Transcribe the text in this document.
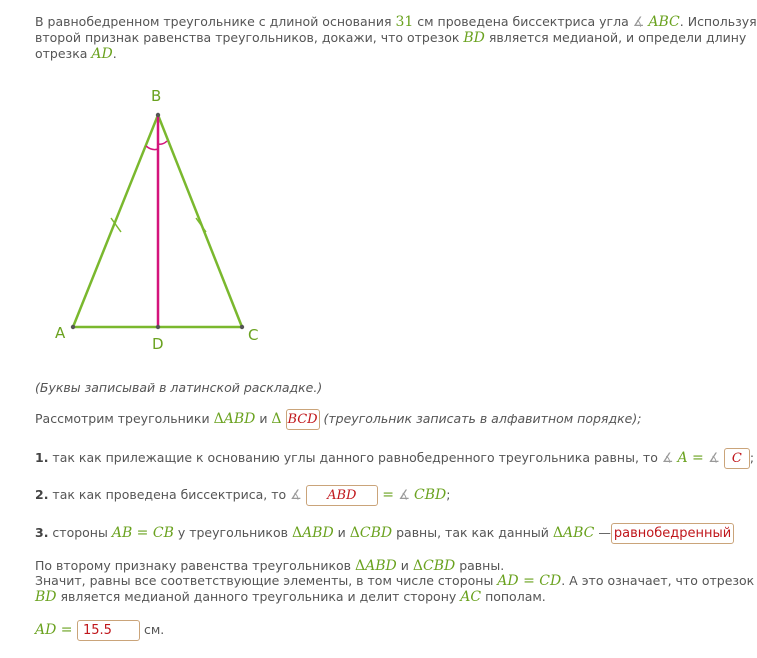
В равнобедренном треугольнике с длиной основания 31 см проведена биссектриса угла ∡ ABC. Используя
второй признак равенства треугольников, докажи, что отрезок BD является медианой, и определи длину
отрезка AD.
B
A	C
D
(Буквы записывай в латинской раскладке.)
Рассмотрим треугольники ΔABD и Δ BCD (треугольник записать в алфавитном порядке);
1. так как прилежащие к основанию углы данного равнобедренного треугольника равны, то ∡ A = ∡ C ;
2. так как проведена биссектриса, то ∡ ABD = ∡ CBD;
3. стороны AB = CB у треугольников ΔABD и ΔCBD равны, так как данный ΔABC — равнобедренный
По второму признаку равенства треугольников ΔABD и ΔCBD равны.
Значит, равны все соответствующие элементы, в том числе стороны AD = CD. А это означает, что отрезок
BD является медианой данного треугольника и делит сторону AC пополам.
AD = 15.5 см.
